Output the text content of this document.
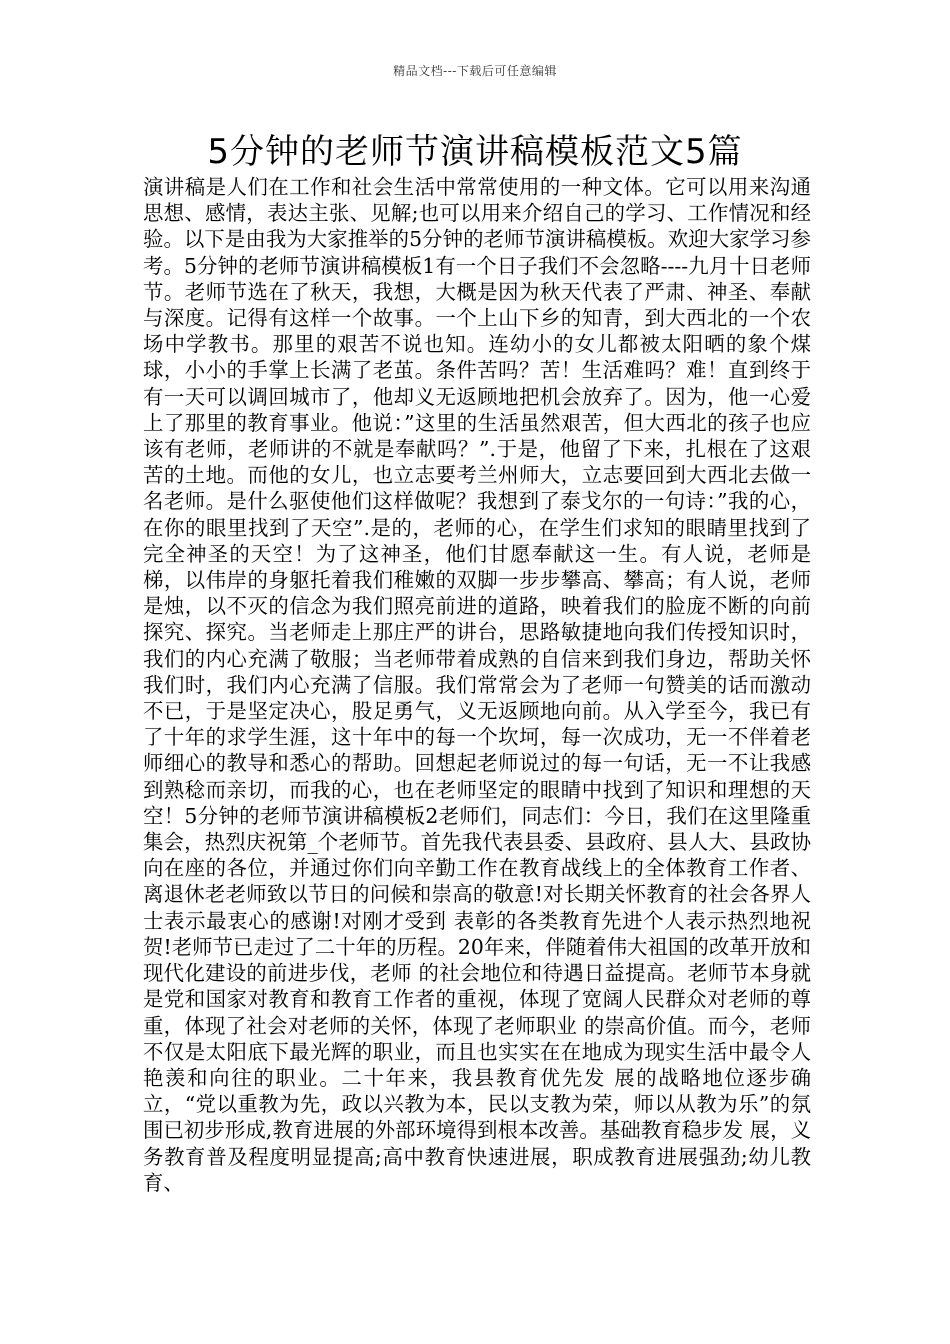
精品文档---下载后可任意编辑
5分钟的老师节演讲稿模板范文5篇

演讲稿是人们在工作和社会生活中常常使用的一种文体。它可以用来沟通思想、感情，表达主张、见解;也可以用来介绍自己的学习、工作情况和经验。以下是由我为大家推举的5分钟的老师节演讲稿模板。欢迎大家学习参考。5分钟的老师节演讲稿模板1有一个日子我们不会忽略----九月十日老师节。老师节选在了秋天，我想，大概是因为秋天代表了严肃、神圣、奉献与深度。记得有这样一个故事。一个上山下乡的知青，到大西北的一个农场中学教书。那里的艰苦不说也知。连幼小的女儿都被太阳晒的象个煤球，小小的手掌上长满了老茧。条件苦吗？苦！生活难吗？难！直到终于有一天可以调回城市了，他却义无返顾地把机会放弃了。因为，他一心爱上了那里的教育事业。他说：”这里的生活虽然艰苦，但大西北的孩子也应该有老师，老师讲的不就是奉献吗？”.于是，他留了下来，扎根在了这艰苦的土地。而他的女儿，也立志要考兰州师大，立志要回到大西北去做一名老师。是什么驱使他们这样做呢？我想到了泰戈尔的一句诗：”我的心，在你的眼里找到了天空”.是的，老师的心，在学生们求知的眼睛里找到了完全神圣的天空！为了这神圣，他们甘愿奉献这一生。有人说，老师是梯，以伟岸的身躯托着我们稚嫩的双脚一步步攀高、攀高；有人说，老师是烛，以不灭的信念为我们照亮前进的道路，映着我们的脸庞不断的向前探究、探究。当老师走上那庄严的讲台，思路敏捷地向我们传授知识时，我们的内心充满了敬服；当老师带着成熟的自信来到我们身边，帮助关怀我们时，我们内心充满了信服。我们常常会为了老师一句赞美的话而激动不已，于是坚定决心，股足勇气，义无返顾地向前。从入学至今，我已有了十年的求学生涯，这十年中的每一个坎坷，每一次成功，无一不伴着老师细心的教导和悉心的帮助。回想起老师说过的每一句话，无一不让我感到熟稔而亲切，而我的心，也在老师坚定的眼睛中找到了知识和理想的天空！5分钟的老师节演讲稿模板2老师们，同志们：今日，我们在这里隆重集会，热烈庆祝第_个老师节。首先我代表县委、县政府、县人大、县政协向在座的各位，并通过你们向辛勤工作在教育战线上的全体教育工作者、离退休老老师致以节日的问候和崇高的敬意!对长期关怀教育的社会各界人士表示最衷心的感谢!对刚才受到 表彰的各类教育先进个人表示热烈地祝贺!老师节已走过了二十年的历程。20年来，伴随着伟大祖国的改革开放和现代化建设的前进步伐，老师 的社会地位和待遇日益提高。老师节本身就是党和国家对教育和教育工作者的重视，体现了宽阔人民群众对老师的尊重，体现了社会对老师的关怀，体现了老师职业 的崇高价值。而今，老师不仅是太阳底下最光辉的职业，而且也实实在在地成为现实生活中最令人艳羡和向往的职业。二十年来，我县教育优先发 展的战略地位逐步确立，“党以重教为先，政以兴教为本，民以支教为荣，师以从教为乐”的氛围已初步形成,教育进展的外部环境得到根本改善。基础教育稳步发 展，义务教育普及程度明显提高;高中教育快速进展，职成教育进展强劲;幼儿教育、
